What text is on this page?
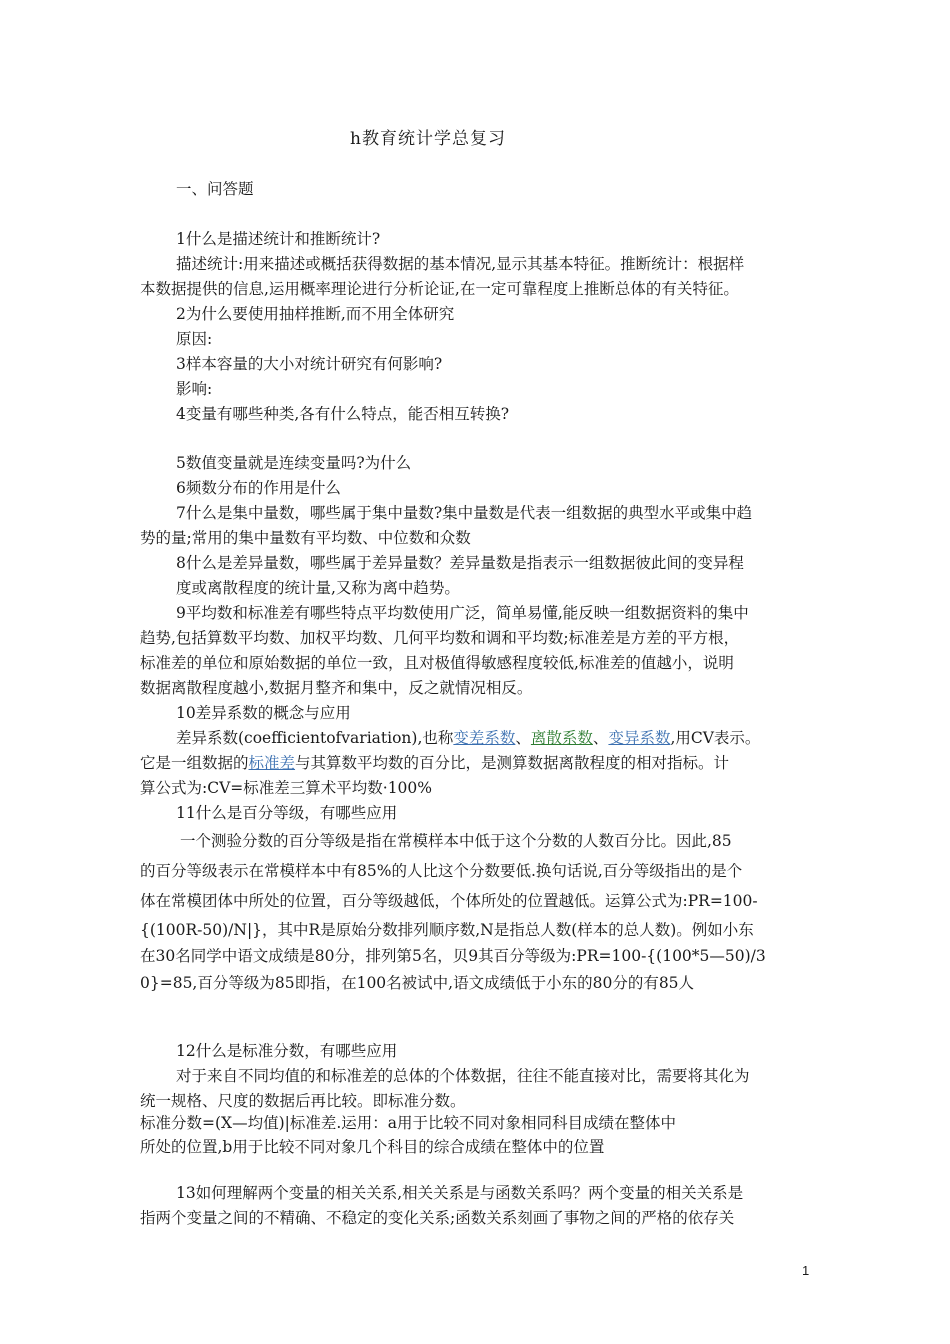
h教育统计学总复习
一、问答题
1什么是描述统计和推断统计?
描述统计:用来描述或概括获得数据的基本情况,显示其基本特征。推断统计：根据样
本数据提供的信息,运用概率理论进行分析论证,在一定可靠程度上推断总体的有关特征。
2为什么要使用抽样推断,而不用全体研究
原因:
3样本容量的大小对统计研究有何影响?
影响:
4变量有哪些种类,各有什么特点，能否相互转换?
5数值变量就是连续变量吗?为什么
6频数分布的作用是什么
7什么是集中量数，哪些属于集中量数?集中量数是代表一组数据的典型水平或集中趋
势的量;常用的集中量数有平均数、中位数和众数
8什么是差异量数，哪些属于差异量数？差异量数是指表示一组数据彼此间的变异程
度或离散程度的统计量,又称为离中趋势。
9平均数和标准差有哪些特点平均数使用广泛，简单易懂,能反映一组数据资料的集中
趋势,包括算数平均数、加权平均数、几何平均数和调和平均数;标准差是方差的平方根，
标准差的单位和原始数据的单位一致，且对极值得敏感程度较低,标准差的值越小，说明
数据离散程度越小,数据月整齐和集中，反之就情况相反。
10差异系数的概念与应用
差异系数(coefficientofvariation),也称变差系数、离散系数、变异系数,用CV表示。
它是一组数据的标准差与其算数平均数的百分比，是测算数据离散程度的相对指标。计
算公式为:CV=标准差三算术平均数·100%
11什么是百分等级，有哪些应用
一个测验分数的百分等级是指在常模样本中低于这个分数的人数百分比。因此,85
的百分等级表示在常模样本中有85%的人比这个分数要低.换句话说,百分等级指出的是个
体在常模团体中所处的位置，百分等级越低，个体所处的位置越低。运算公式为:PR=100-
{(100R-50)/N|}，其中R是原始分数排列顺序数,N是指总人数(样本的总人数)。例如小东
在30名同学中语文成绩是80分，排列第5名，贝9其百分等级为:PR=100-{(100*5—50)/3
0}=85,百分等级为85即指，在100名被试中,语文成绩低于小东的80分的有85人
12什么是标准分数，有哪些应用
对于来自不同均值的和标准差的总体的个体数据，往往不能直接对比，需要将其化为
统一规格、尺度的数据后再比较。即标准分数。
标准分数=(X—均值)|标准差.运用：a用于比较不同对象相同科目成绩在整体中
所处的位置,b用于比较不同对象几个科目的综合成绩在整体中的位置
13如何理解两个变量的相关关系,相关关系是与函数关系吗？两个变量的相关关系是
指两个变量之间的不精确、不稳定的变化关系;函数关系刻画了事物之间的严格的依存关
1
